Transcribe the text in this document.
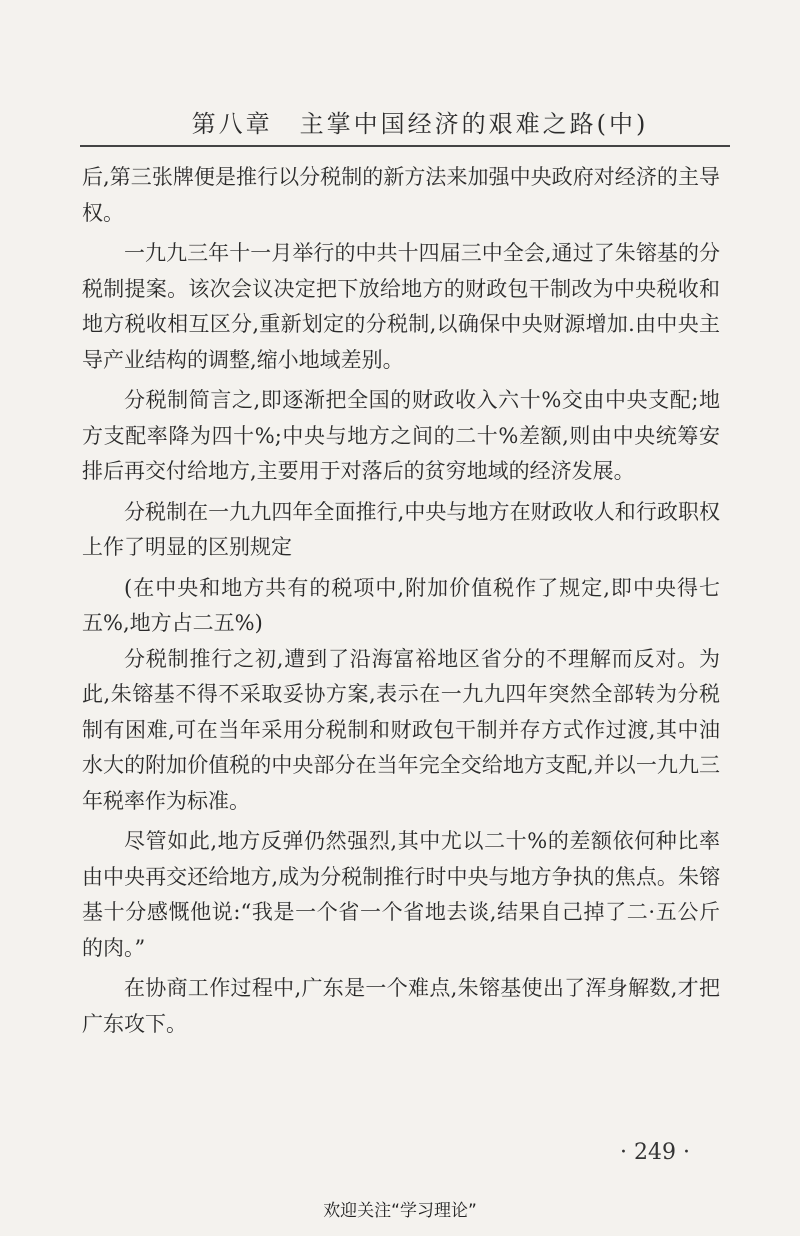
第八章　主掌中国经济的艰难之路(中)

后,第三张牌便是推行以分税制的新方法来加强中央政府对经济的主导权。

一九九三年十一月举行的中共十四届三中全会,通过了朱镕基的分税制提案。该次会议决定把下放给地方的财政包干制改为中央税收和地方税收相互区分,重新划定的分税制,以确保中央财源增加.由中央主导产业结构的调整,缩小地域差别。

分税制简言之,即逐渐把全国的财政收入六十%交由中央支配;地方支配率降为四十%;中央与地方之间的二十%差额,则由中央统筹安排后再交付给地方,主要用于对落后的贫穷地域的经济发展。

分税制在一九九四年全面推行,中央与地方在财政收人和行政职权上作了明显的区别规定

(在中央和地方共有的税项中,附加价值税作了规定,即中央得七五%,地方占二五%)

分税制推行之初,遭到了沿海富裕地区省分的不理解而反对。为此,朱镕基不得不采取妥协方案,表示在一九九四年突然全部转为分税制有困难,可在当年采用分税制和财政包干制并存方式作过渡,其中油水大的附加价值税的中央部分在当年完全交给地方支配,并以一九九三年税率作为标准。

尽管如此,地方反弹仍然强烈,其中尤以二十%的差额依何种比率由中央再交还给地方,成为分税制推行时中央与地方争执的焦点。朱镕基十分感慨他说:“我是一个省一个省地去谈,结果自己掉了二·五公斤的肉。”

在协商工作过程中,广东是一个难点,朱镕基使出了浑身解数,才把广东攻下。

· 249 ·
欢迎关注“学习理论”
